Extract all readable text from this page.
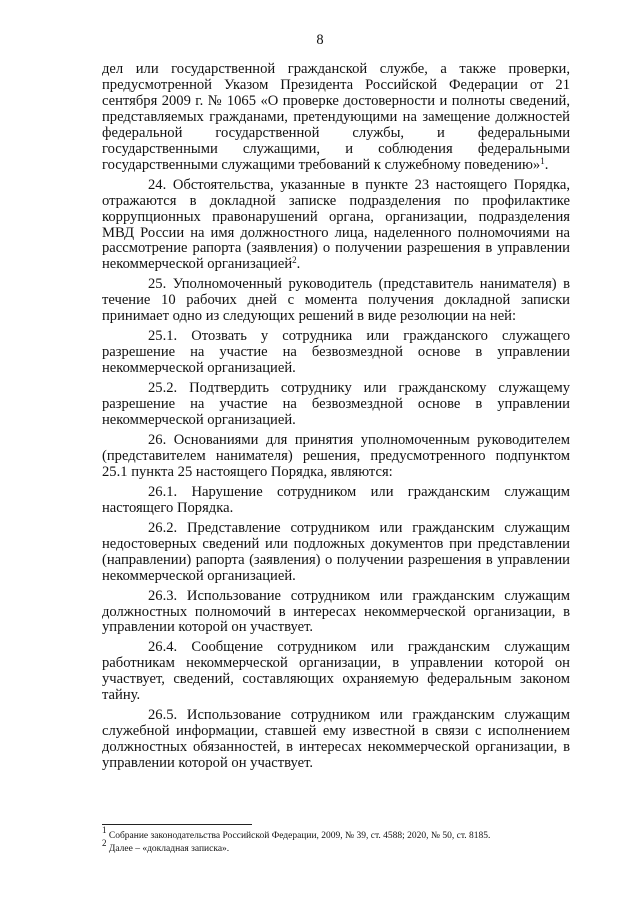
8

дел или государственной гражданской службе, а также проверки, предусмотренной Указом Президента Российской Федерации от 21 сентября 2009 г. № 1065 «О проверке достоверности и полноты сведений, представляемых гражданами, претендующими на замещение должностей федеральной государственной службы, и федеральными государственными служащими, и соблюдения федеральными государственными служащими требований к служебному поведению»$^1$.

24. Обстоятельства, указанные в пункте 23 настоящего Порядка, отражаются в докладной записке подразделения по профилактике коррупционных правонарушений органа, организации, подразделения МВД России на имя должностного лица, наделенного полномочиями на рассмотрение рапорта (заявления) о получении разрешения в управлении некоммерческой организацией$^2$.

25. Уполномоченный руководитель (представитель нанимателя) в течение 10 рабочих дней с момента получения докладной записки принимает одно из следующих решений в виде резолюции на ней:

25.1. Отозвать у сотрудника или гражданского служащего разрешение на участие на безвозмездной основе в управлении некоммерческой организацией.

25.2. Подтвердить сотруднику или гражданскому служащему разрешение на участие на безвозмездной основе в управлении некоммерческой организацией.

26. Основаниями для принятия уполномоченным руководителем (представителем нанимателя) решения, предусмотренного подпунктом 25.1 пункта 25 настоящего Порядка, являются:

26.1. Нарушение сотрудником или гражданским служащим настоящего Порядка.

26.2. Представление сотрудником или гражданским служащим недостоверных сведений или подложных документов при представлении (направлении) рапорта (заявления) о получении разрешения в управлении некоммерческой организацией.

26.3. Использование сотрудником или гражданским служащим должностных полномочий в интересах некоммерческой организации, в управлении которой он участвует.

26.4. Сообщение сотрудником или гражданским служащим работникам некоммерческой организации, в управлении которой он участвует, сведений, составляющих охраняемую федеральным законом тайну.

26.5. Использование сотрудником или гражданским служащим служебной информации, ставшей ему известной в связи с исполнением должностных обязанностей, в интересах некоммерческой организации, в управлении которой он участвует.

$^1$ Собрание законодательства Российской Федерации, 2009, № 39, ст. 4588; 2020, № 50, ст. 8185.
$^2$ Далее – «докладная записка».
